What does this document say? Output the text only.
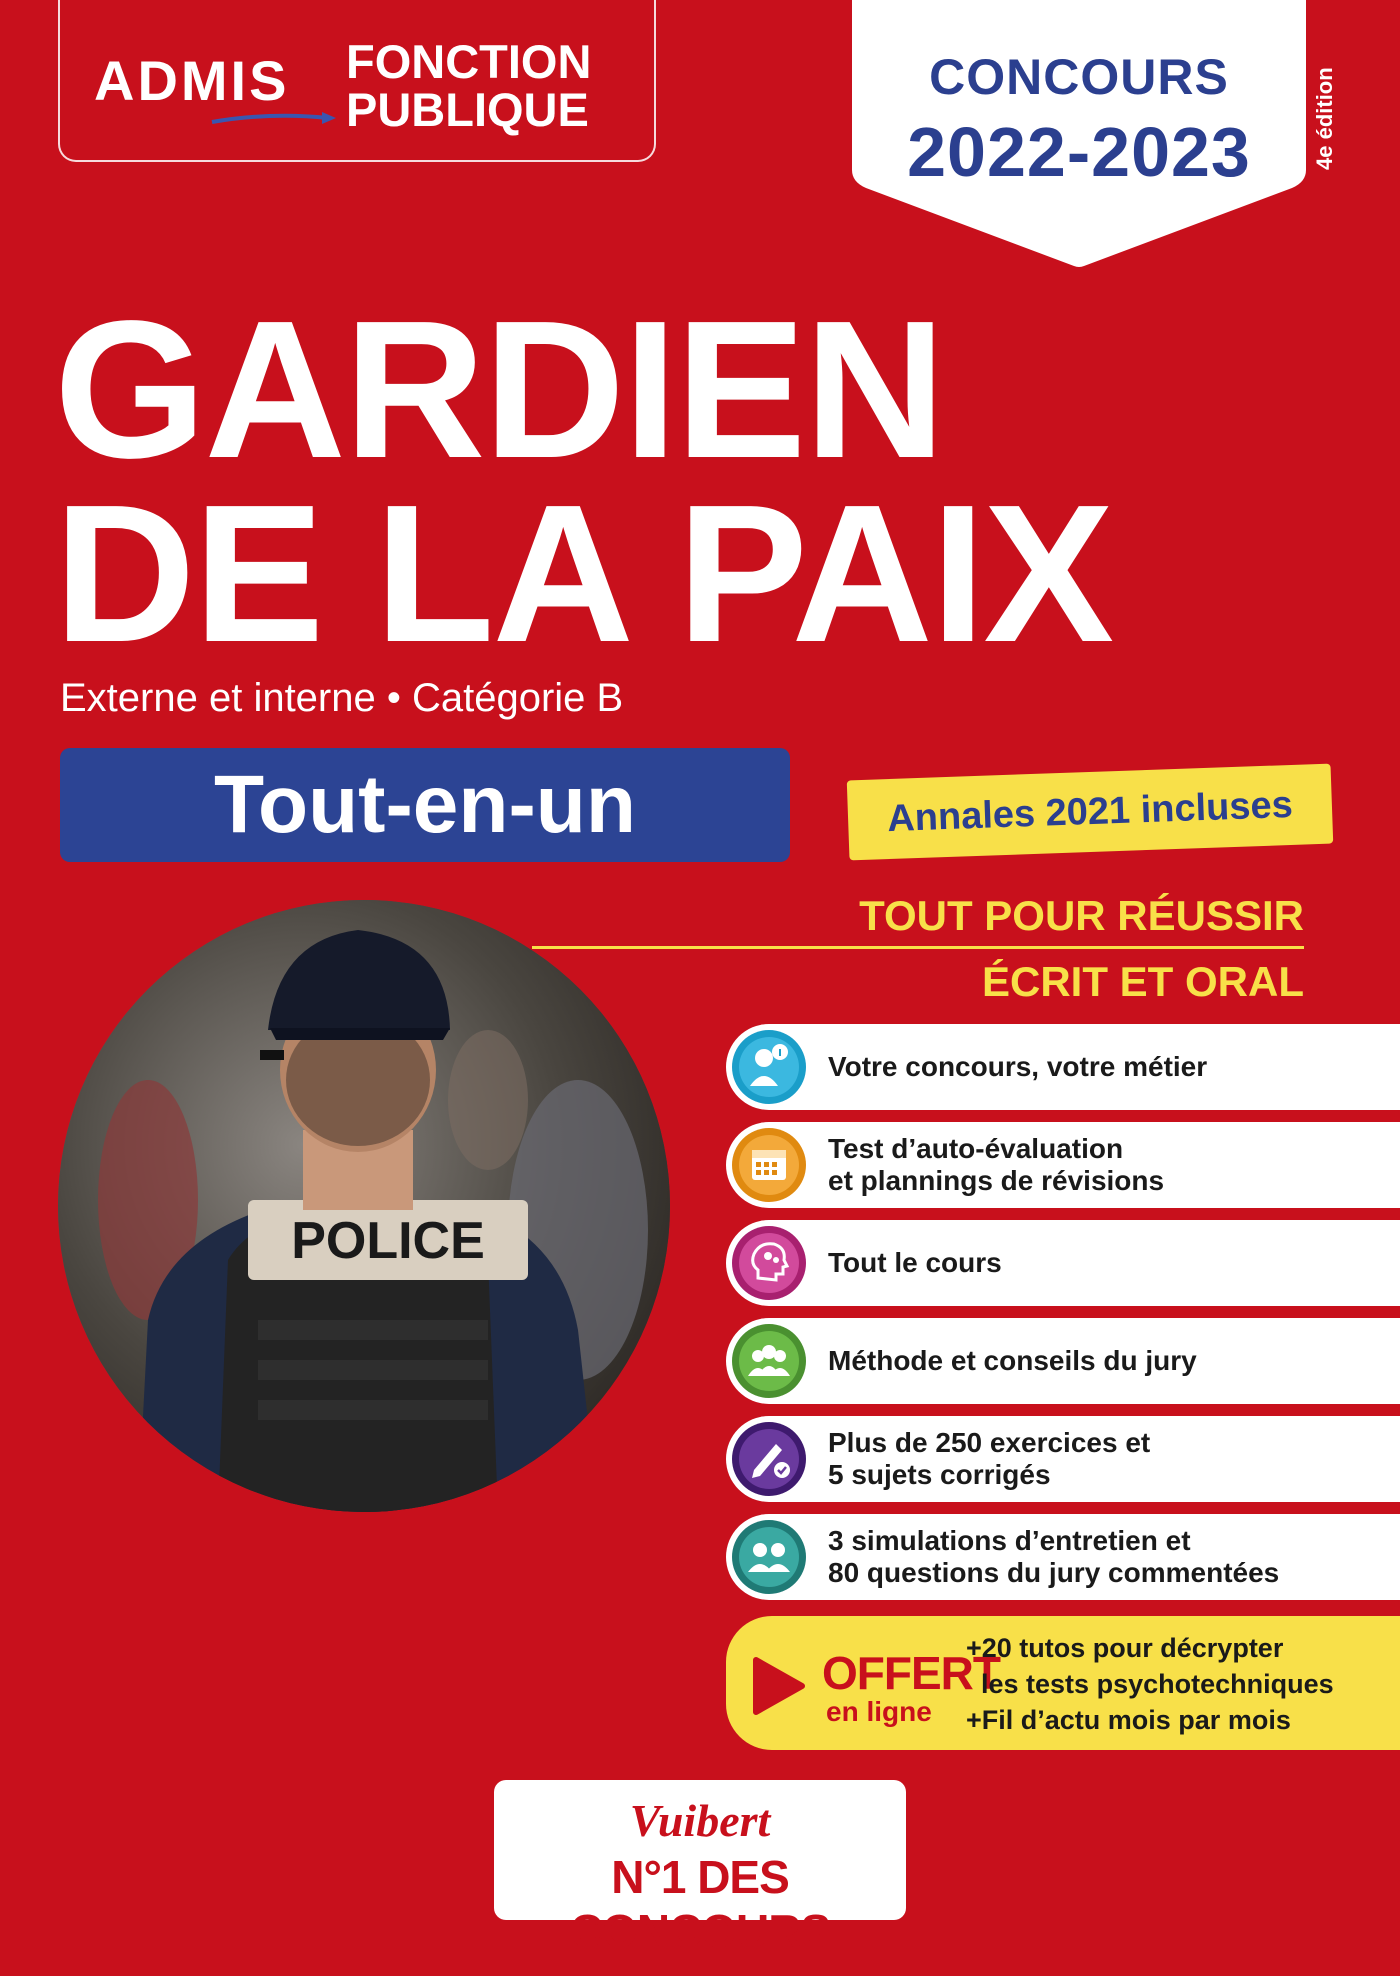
ADMIS FONCTION
PUBLIQUE
CONCOURS
2022-2023	4e édition
GARDIEN
DE LA PAIX
Externe et interne • Catégorie B
Tout-en-un	Annales 2021 incluses
TOUT POUR RÉUSSIR
ÉCRIT ET ORAL
POLICE
Votre concours, votre métier
Test d’auto-évaluation
et plannings de révisions
Tout le cours
Méthode et conseils du jury
Plus de 250 exercices et
5 sujets corrigés
3 simulations d’entretien et
80 questions du jury commentées
OFFERT
en ligne
+20 tutos pour décrypter
les tests psychotechniques
+Fil d’actu mois par mois
Vuibert
N°1 DES CONCOURS
